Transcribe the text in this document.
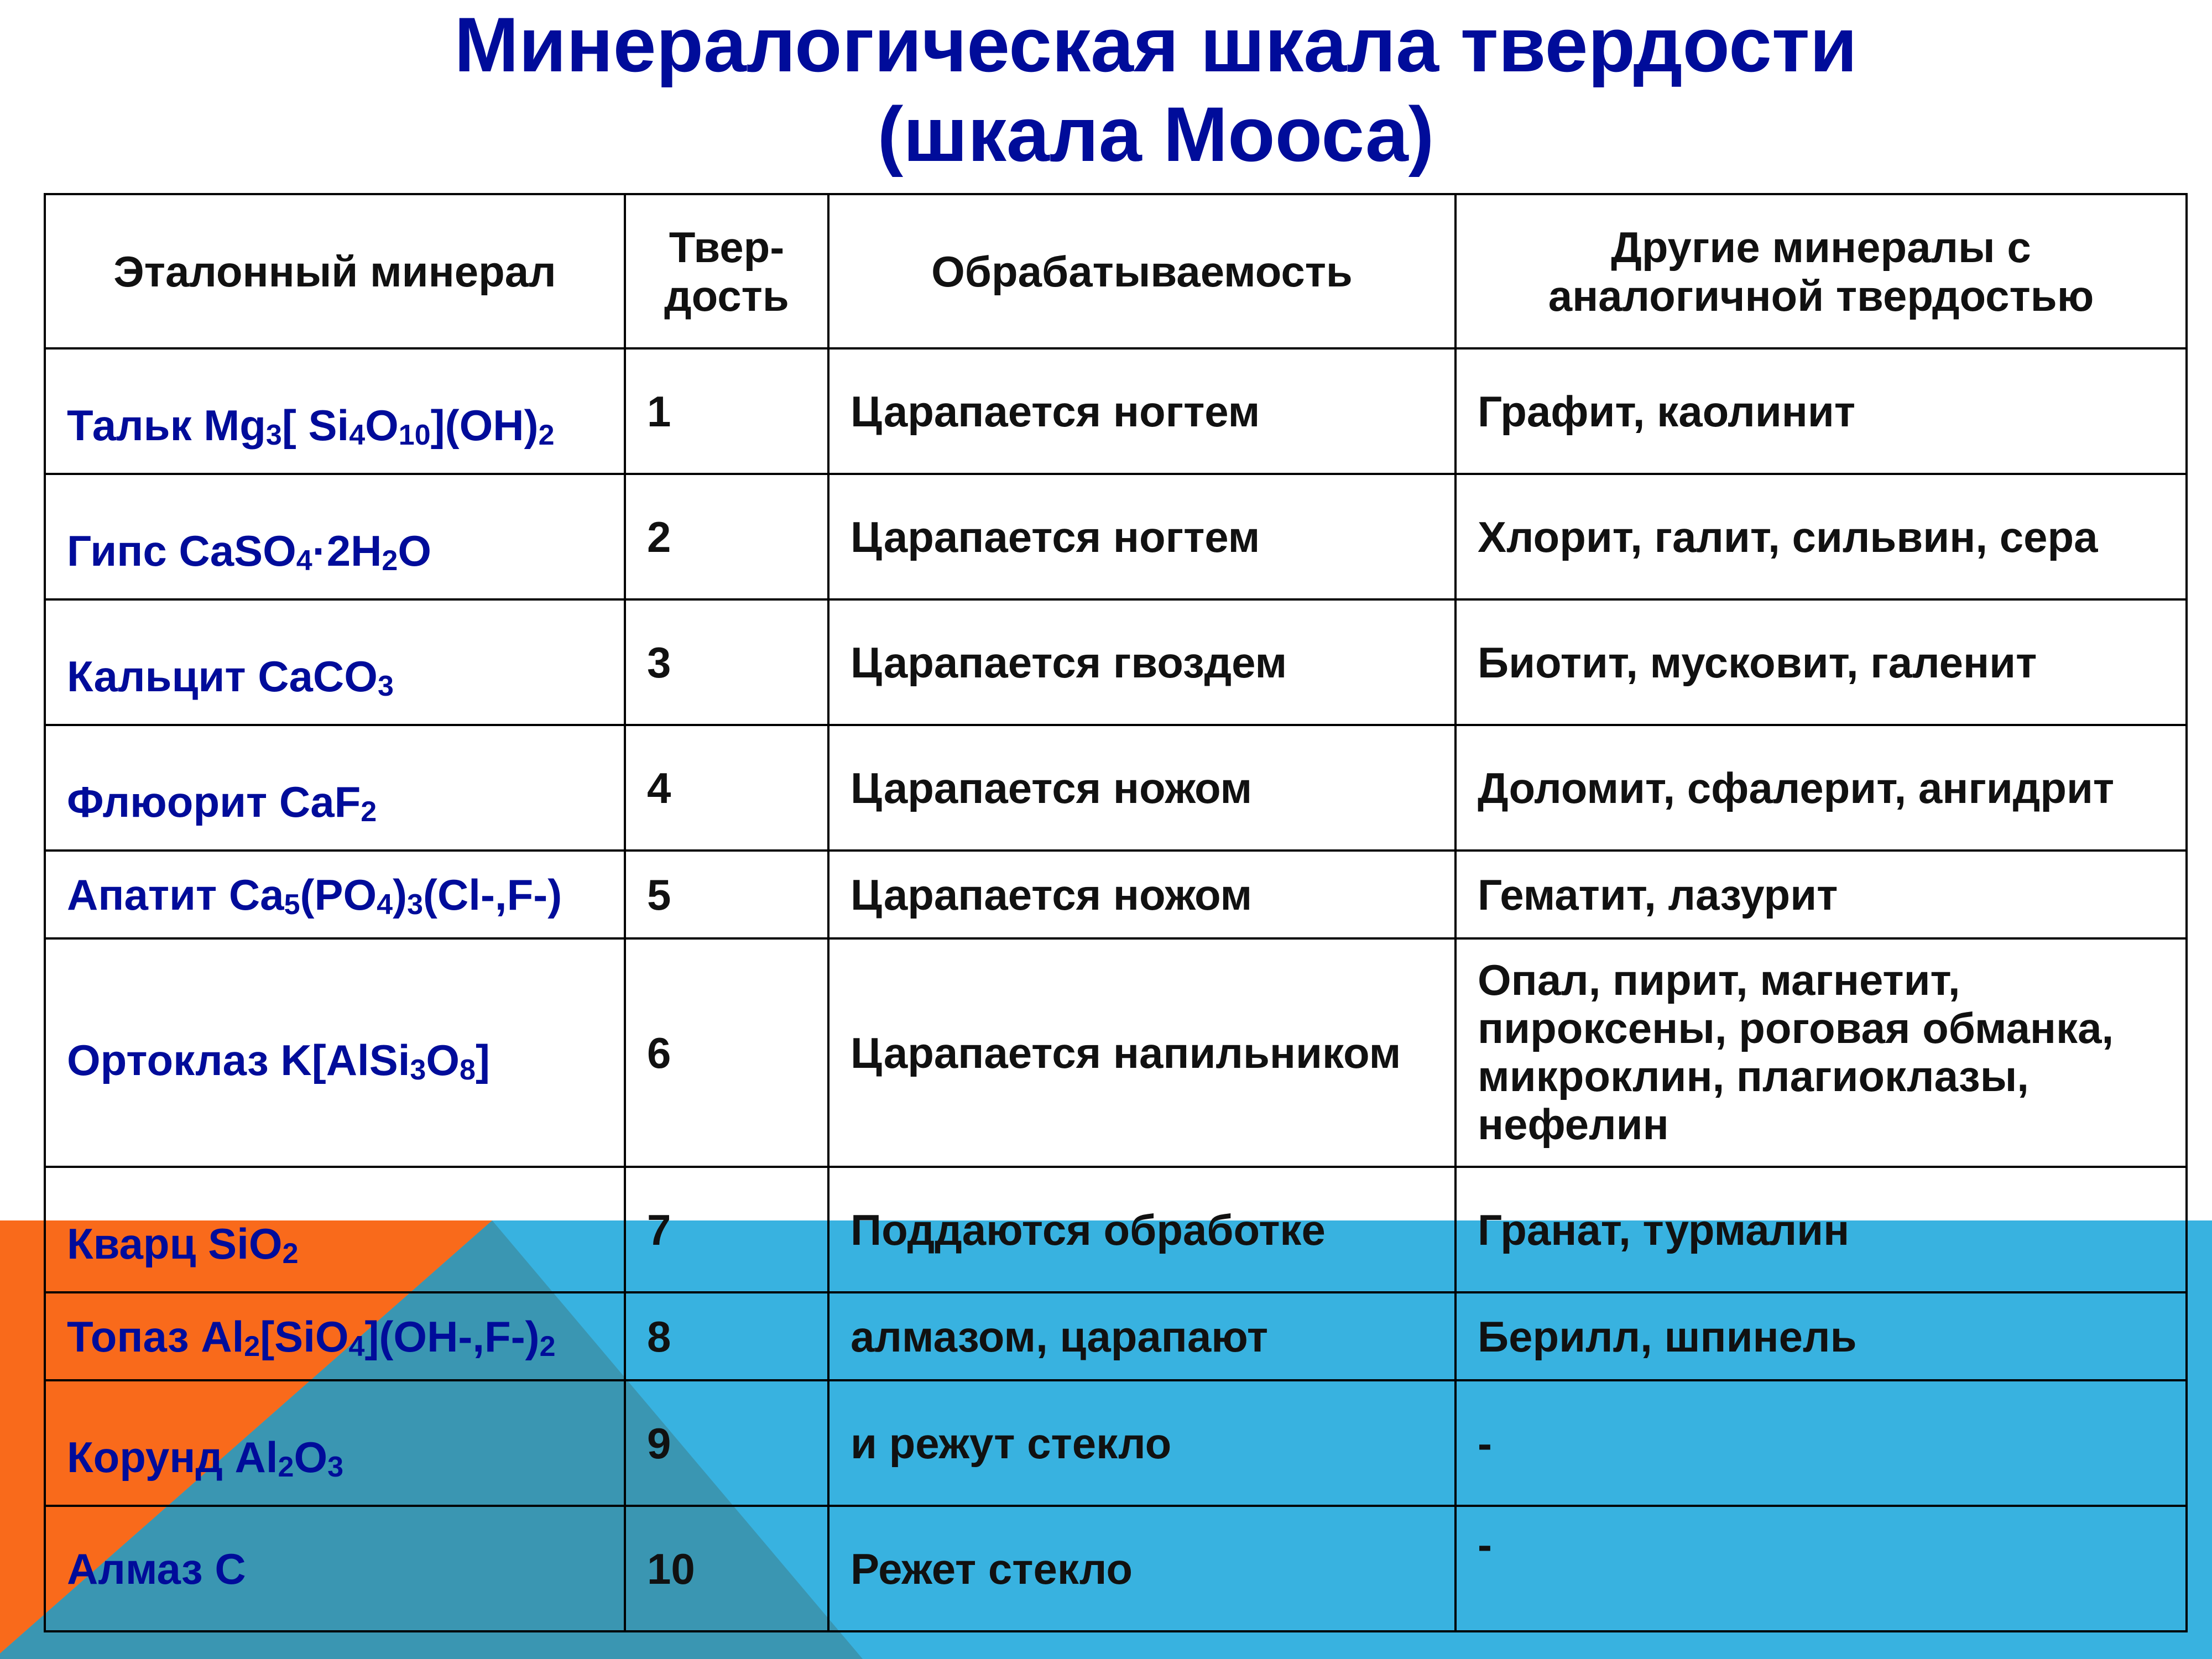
Минералогическая шкала твердости
(шкала Мооса)
Эталонный минерал	Твер-
дость	Обрабатываемость	Другие минералы с
аналогичной твердостью
Тальк Mg3[ Si4O10](OH)2	1	Царапается ногтем	Графит, каолинит
Гипс CaSO4·2H2O	2	Царапается ногтем	Хлорит, галит, сильвин, сера
Кальцит CaCO3	3	Царапается гвоздем	Биотит, мусковит, галенит
Флюорит CaF2	4	Царапается ножом	Доломит, сфалерит, ангидрит
Апатит Ca5(PO4)3(Cl-,F-)	5	Царапается ножом	Гематит, лазурит
Ортоклаз K[AlSi3O8]	6	Царапается напильником	Опал, пирит, магнетит,
пироксены, роговая обманка,
микроклин, плагиоклазы,
нефелин
Кварц SiO2	7	Поддаются обработке	Гранат, турмалин
Топаз Al2[SiO4](OH-,F-)2	8	алмазом, царапают	Берилл, шпинель
Корунд Al2O3	9	и режут стекло	-
Алмаз C	10	Режет стекло	-
